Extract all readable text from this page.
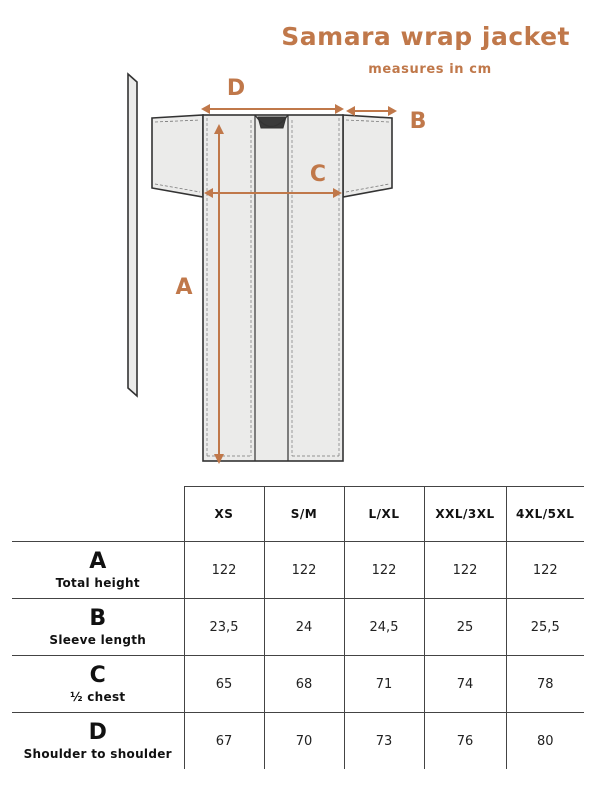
Samara wrap jacket
measures in cm
A
C
D
B
	XS	S/M	L/XL	XXL/3XL	4XL/5XL

A
Total height	122	122	122	122	122

B
Sleeve length	23,5	24	24,5	25	25,5

C
½ chest	65	68	71	74	78

D
Shoulder to shoulder	67	70	73	76	80
